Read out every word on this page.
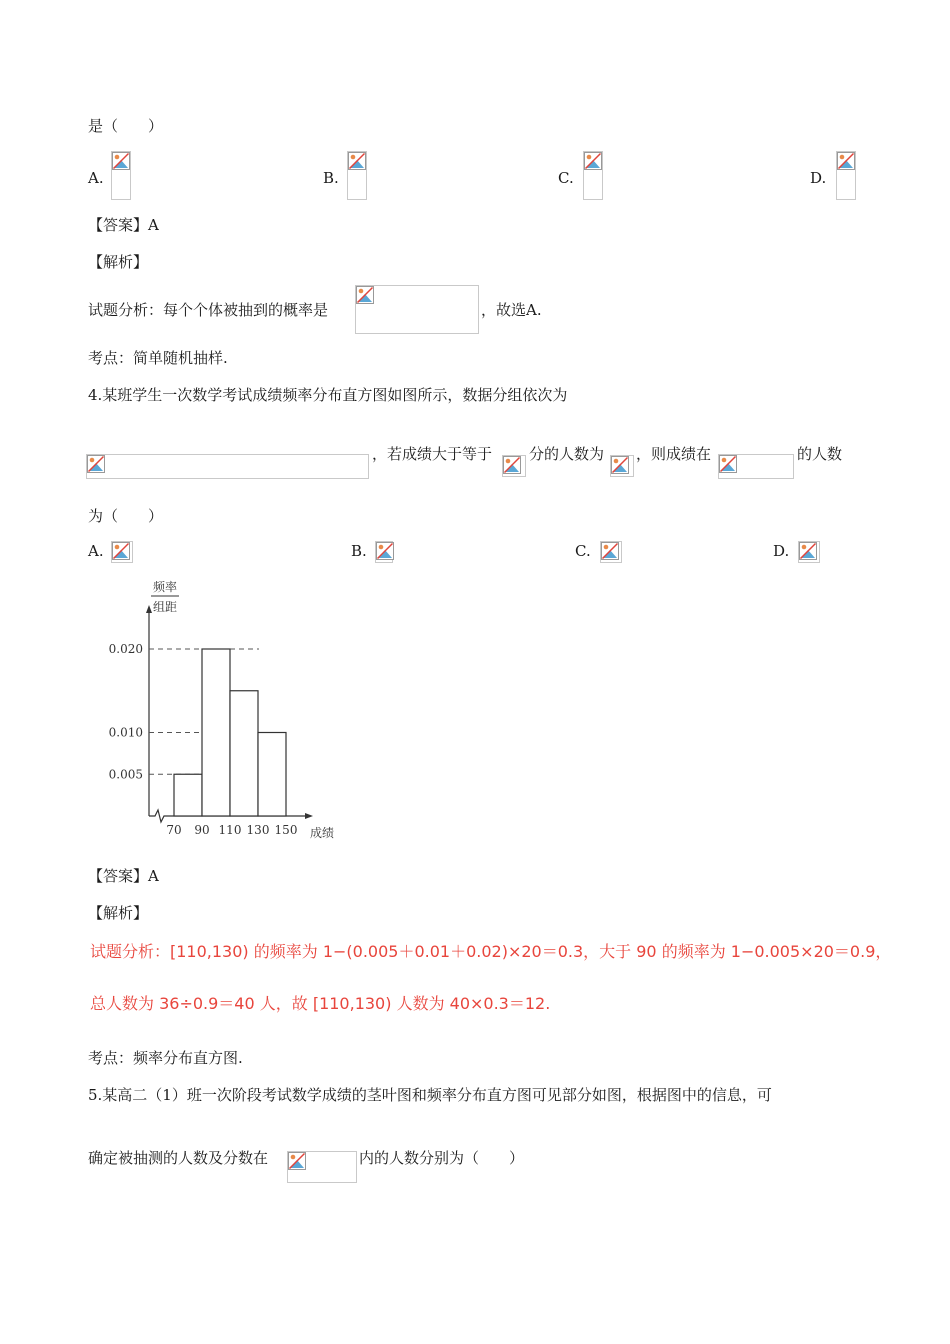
是（　　）
A.	B.	C.	D.
【答案】A
【解析】
试题分析：每个个体被抽到的概率是	，故选A.
考点：简单随机抽样.
4.某班学生一次数学考试成绩频率分布直方图如图所示，数据分组依次为
，若成绩大于等于 分的人数为 ，则成绩在	的人数
为（　　）
A.	B.	C.	D.
频率
组距
0.005
0.010
0.020
70 90 110 130 150 成绩
【答案】A
【解析】
试题分析：[110,130) 的频率为 1−(0.005＋0.01＋0.02)×20＝0.3，大于 90 的频率为 1−0.005×20＝0.9，
总人数为 36÷0.9＝40 人，故 [110,130) 人数为 40×0.3＝12.
考点：频率分布直方图.
5.某高二（1）班一次阶段考试数学成绩的茎叶图和频率分布直方图可见部分如图，根据图中的信息，可
确定被抽测的人数及分数在	内的人数分别为（　　）
